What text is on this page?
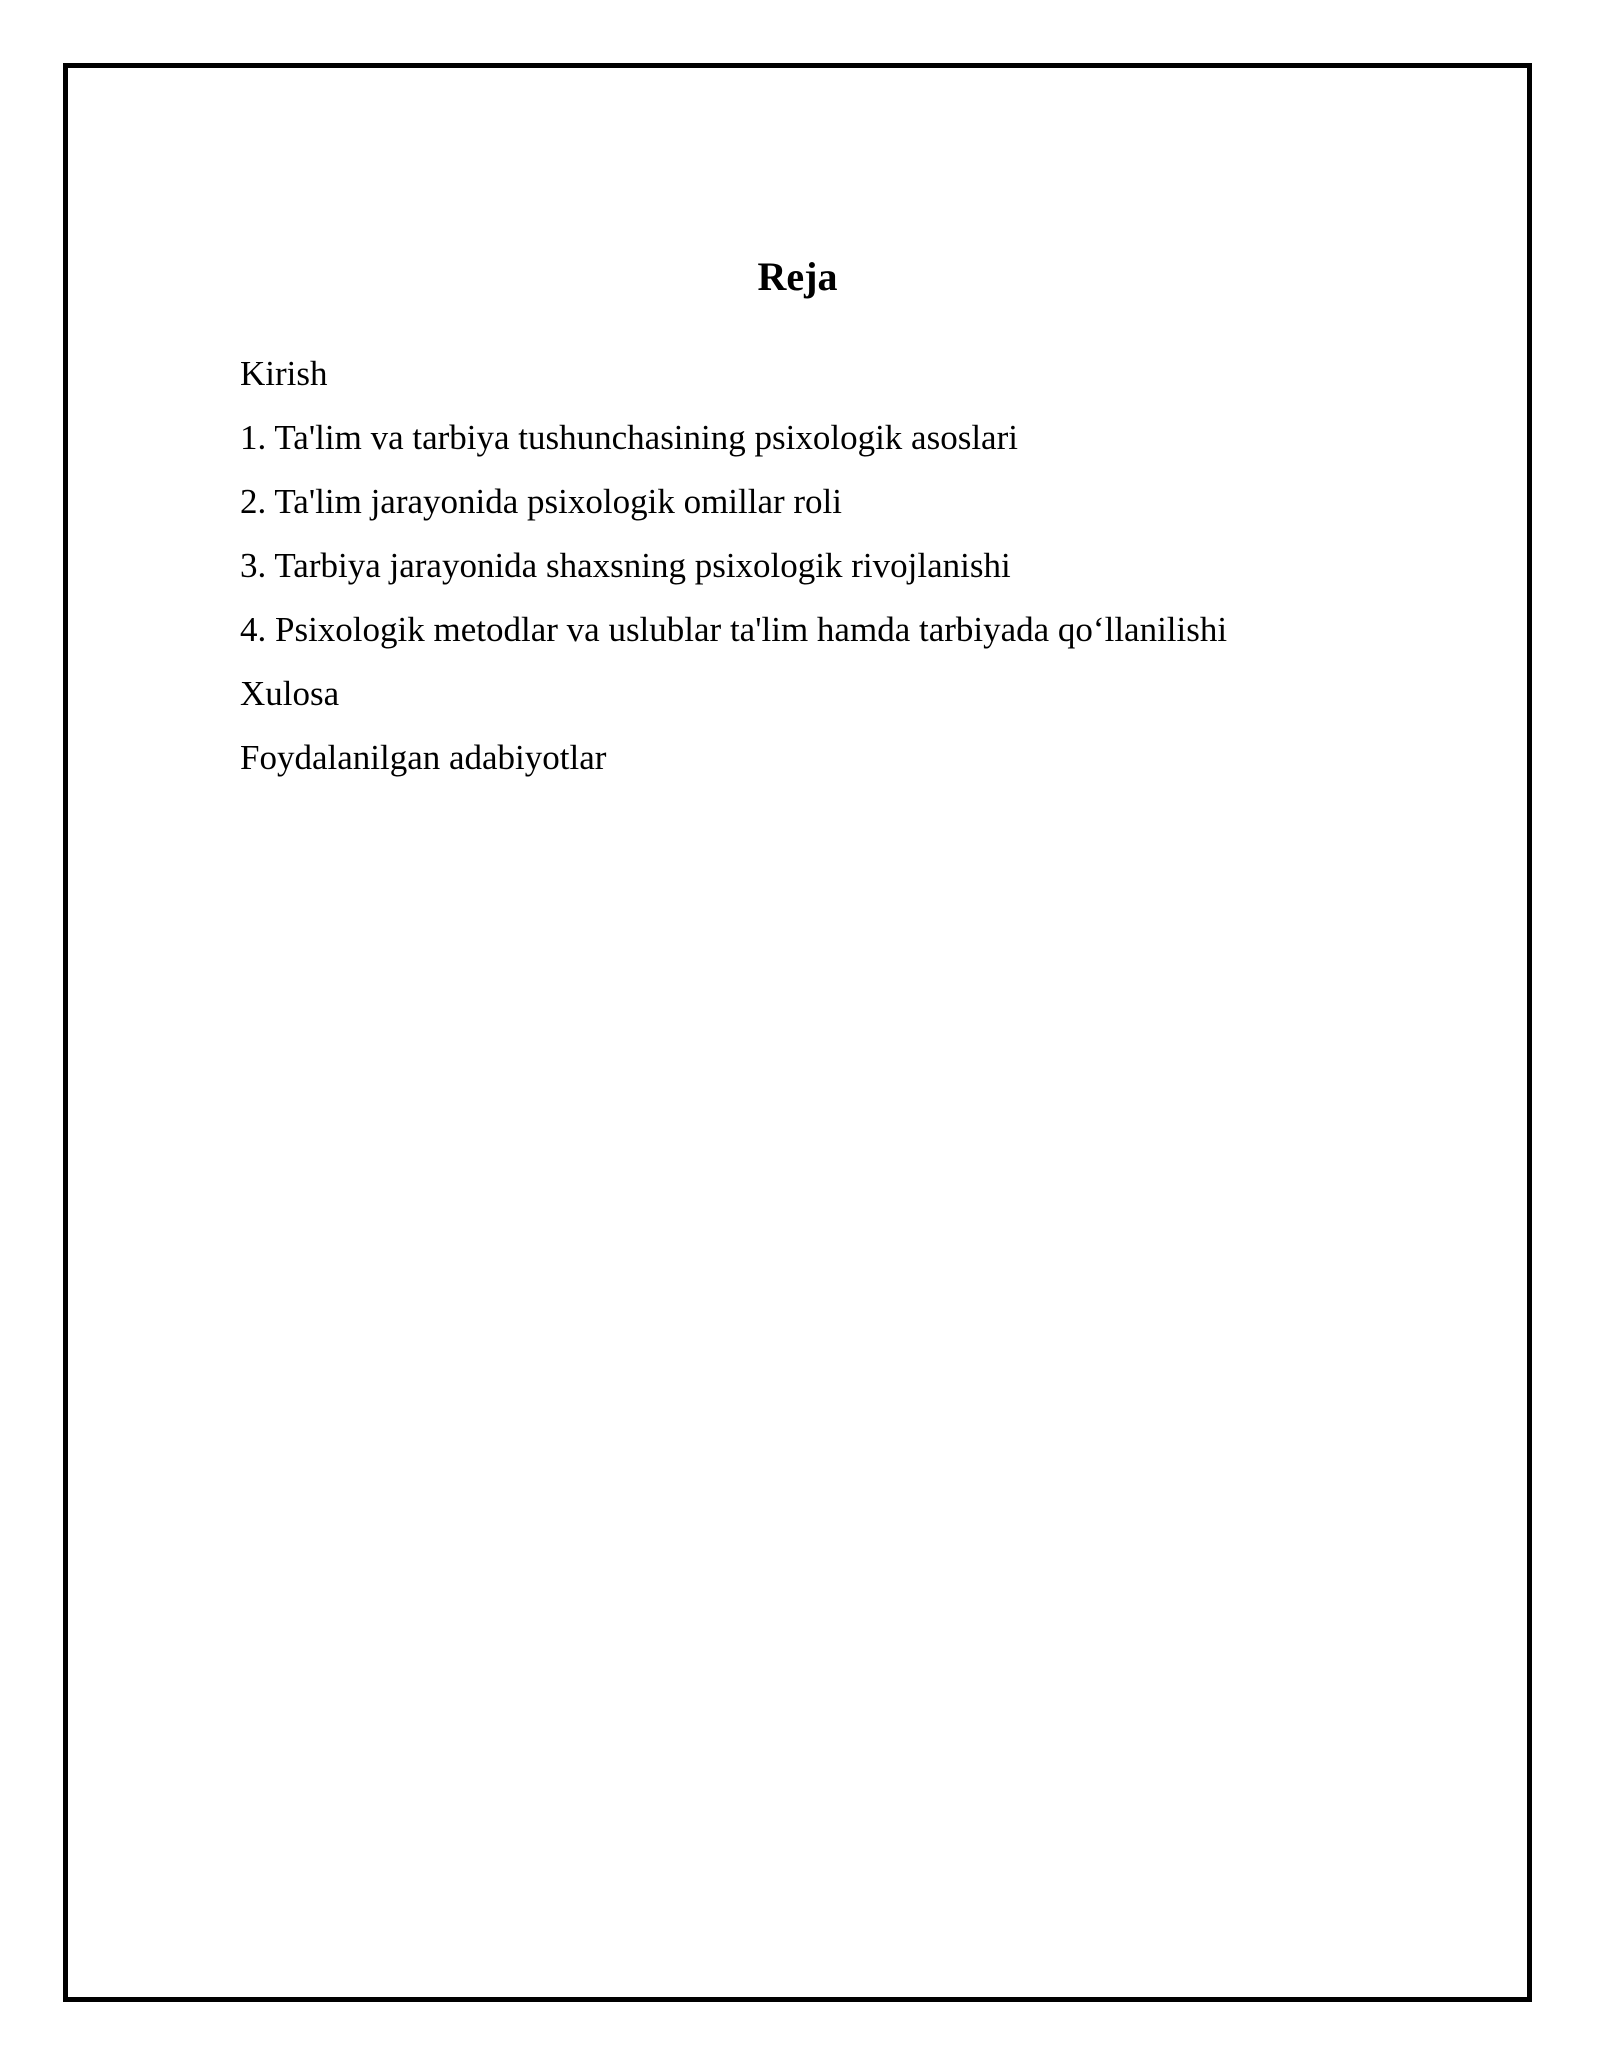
Reja
Kirish
1. Ta'lim va tarbiya tushunchasining psixologik asoslari
2. Ta'lim jarayonida psixologik omillar roli
3. Tarbiya jarayonida shaxsning psixologik rivojlanishi
4. Psixologik metodlar va uslublar ta'lim hamda tarbiyada qo‘llanilishi
Xulosa
Foydalanilgan adabiyotlar
